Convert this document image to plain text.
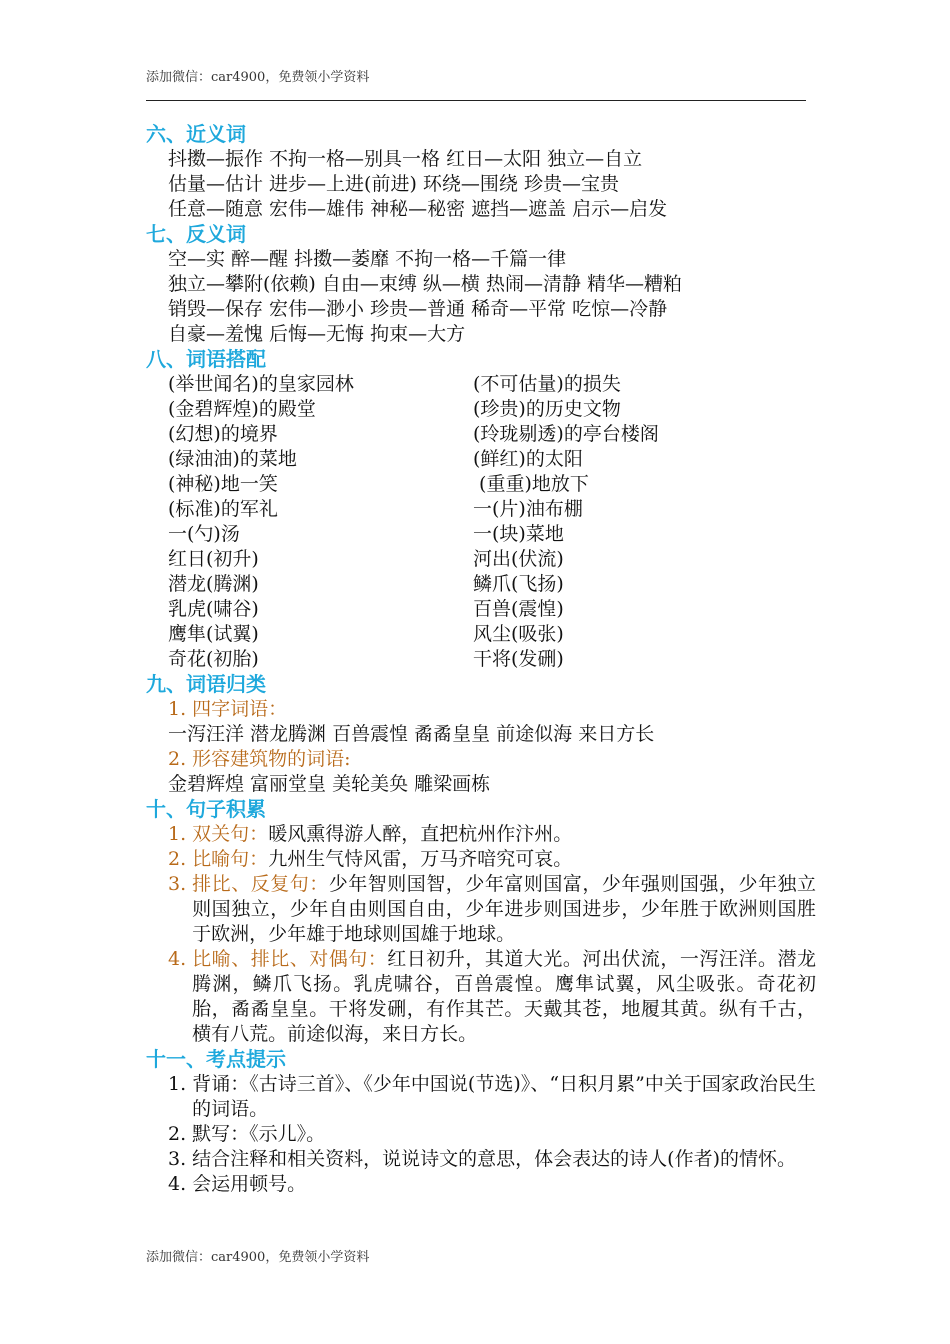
添加微信：car4900，免费领小学资料
六、近义词
抖擞—振作 不拘一格—别具一格 红日—太阳 独立—自立
估量—估计 进步—上进(前进) 环绕—围绕 珍贵—宝贵
任意—随意 宏伟—雄伟 神秘—秘密 遮挡—遮盖 启示—启发
七、反义词
空—实 醉—醒 抖擞—萎靡 不拘一格—千篇一律
独立—攀附(依赖) 自由—束缚 纵—横 热闹—清静 精华—糟粕
销毁—保存 宏伟—渺小 珍贵—普通 稀奇—平常 吃惊—冷静
自豪—羞愧 后悔—无悔 拘束—大方
八、词语搭配
(举世闻名)的皇家园林	(不可估量)的损失
(金碧辉煌)的殿堂	(珍贵)的历史文物
(幻想)的境界	(玲珑剔透)的亭台楼阁
(绿油油)的菜地	(鲜红)的太阳
(神秘)地一笑	(重重)地放下
(标准)的军礼	一(片)油布棚
一(勺)汤	一(块)菜地
红日(初升)	河出(伏流)
潜龙(腾渊)	鳞爪(飞扬)
乳虎(啸谷)	百兽(震惶)
鹰隼(试翼)	风尘(吸张)
奇花(初胎)	干将(发硎)
九、词语归类
1. 四字词语：
一泻汪洋 潜龙腾渊 百兽震惶 矞矞皇皇 前途似海 来日方长
2. 形容建筑物的词语:
金碧辉煌 富丽堂皇 美轮美奂 雕梁画栋
十、句子积累
1. 双关句：暖风熏得游人醉，直把杭州作汴州。
2. 比喻句：九州生气恃风雷，万马齐喑究可哀。
3. 排比、反复句：少年智则国智，少年富则国富，少年强则国强，少年独立则国独立，少年自由则国自由，少年进步则国进步，少年胜于欧洲则国胜于欧洲，少年雄于地球则国雄于地球。
4. 比喻、排比、对偶句：红日初升，其道大光。河出伏流，一泻汪洋。潜龙腾渊，鳞爪飞扬。乳虎啸谷，百兽震惶。鹰隼试翼，风尘吸张。奇花初胎，矞矞皇皇。干将发硎，有作其芒。天戴其苍，地履其黄。纵有千古，横有八荒。前途似海，来日方长。
十一、考点提示
1. 背诵：《古诗三首》、《少年中国说(节选)》、“日积月累”中关于国家政治民生的词语。
2. 默写：《示儿》。
3. 结合注释和相关资料，说说诗文的意思，体会表达的诗人(作者)的情怀。
4. 会运用顿号。
添加微信：car4900，免费领小学资料
